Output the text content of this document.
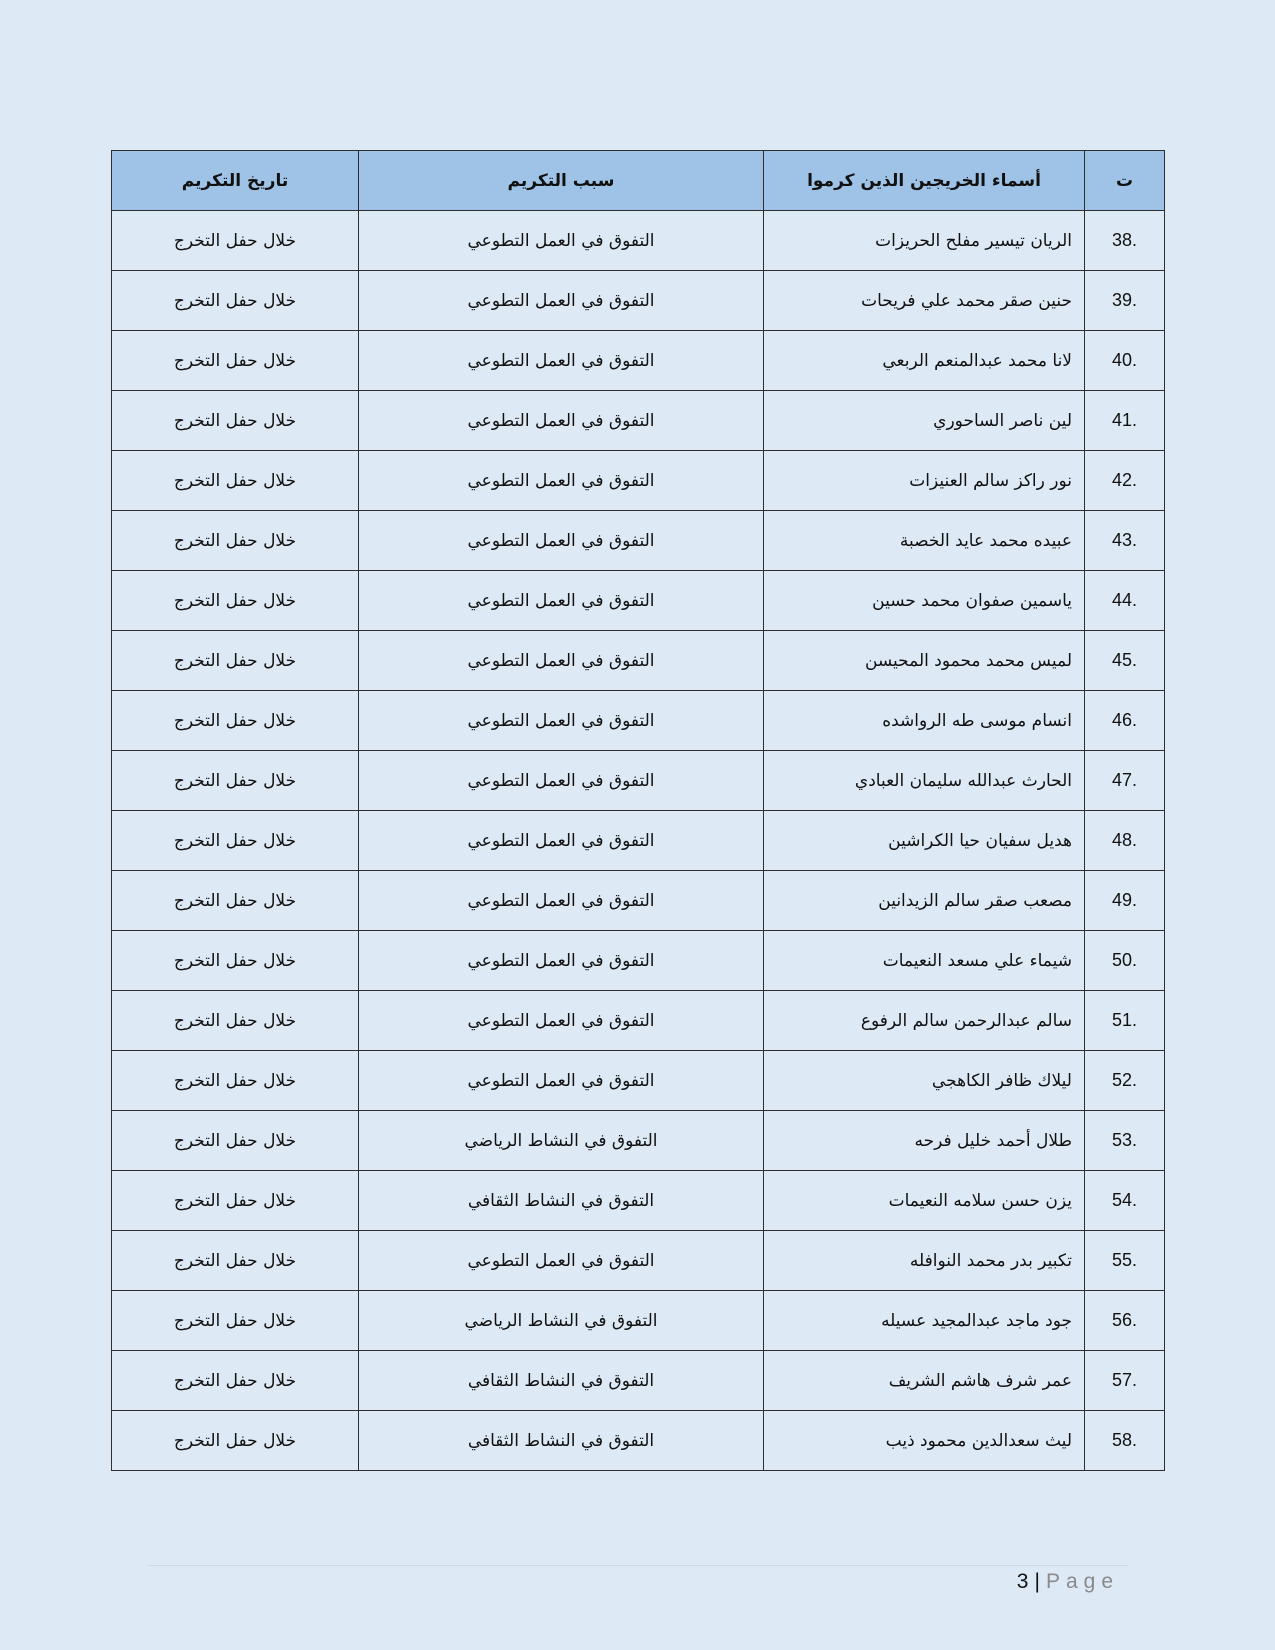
ت	أسماء الخريجين الذين كرموا	سبب التكريم	تاريخ التكريم
38.	الريان تيسير مفلح الحريزات	التفوق في العمل التطوعي	خلال حفل التخرج
39.	حنين صقر محمد علي فريحات	التفوق في العمل التطوعي	خلال حفل التخرج
40.	لانا محمد عبدالمنعم الربعي	التفوق في العمل التطوعي	خلال حفل التخرج
41.	لين ناصر الساحوري	التفوق في العمل التطوعي	خلال حفل التخرج
42.	نور راكز سالم العنيزات	التفوق في العمل التطوعي	خلال حفل التخرج
43.	عبيده محمد عايد الخصبة	التفوق في العمل التطوعي	خلال حفل التخرج
44.	ياسمين صفوان محمد حسين	التفوق في العمل التطوعي	خلال حفل التخرج
45.	لميس محمد محمود المحيسن	التفوق في العمل التطوعي	خلال حفل التخرج
46.	انسام موسى طه الرواشده	التفوق في العمل التطوعي	خلال حفل التخرج
47.	الحارث عبدالله سليمان العبادي	التفوق في العمل التطوعي	خلال حفل التخرج
48.	هديل سفيان حيا الكراشين	التفوق في العمل التطوعي	خلال حفل التخرج
49.	مصعب صقر سالم الزيدانين	التفوق في العمل التطوعي	خلال حفل التخرج
50.	شيماء علي مسعد النعيمات	التفوق في العمل التطوعي	خلال حفل التخرج
51.	سالم عبدالرحمن سالم الرفوع	التفوق في العمل التطوعي	خلال حفل التخرج
52.	ليلاك ظافر الكاهجي	التفوق في العمل التطوعي	خلال حفل التخرج
53.	طلال أحمد خليل فرحه	التفوق في النشاط الرياضي	خلال حفل التخرج
54.	يزن حسن سلامه النعيمات	التفوق في النشاط الثقافي	خلال حفل التخرج
55.	تكبير بدر محمد النوافله	التفوق في العمل التطوعي	خلال حفل التخرج
56.	جود ماجد عبدالمجيد عسيله	التفوق في النشاط الرياضي	خلال حفل التخرج
57.	عمر شرف هاشم الشريف	التفوق في النشاط الثقافي	خلال حفل التخرج
58.	ليث سعدالدين محمود ذيب	التفوق في النشاط الثقافي	خلال حفل التخرج
3 | Page
